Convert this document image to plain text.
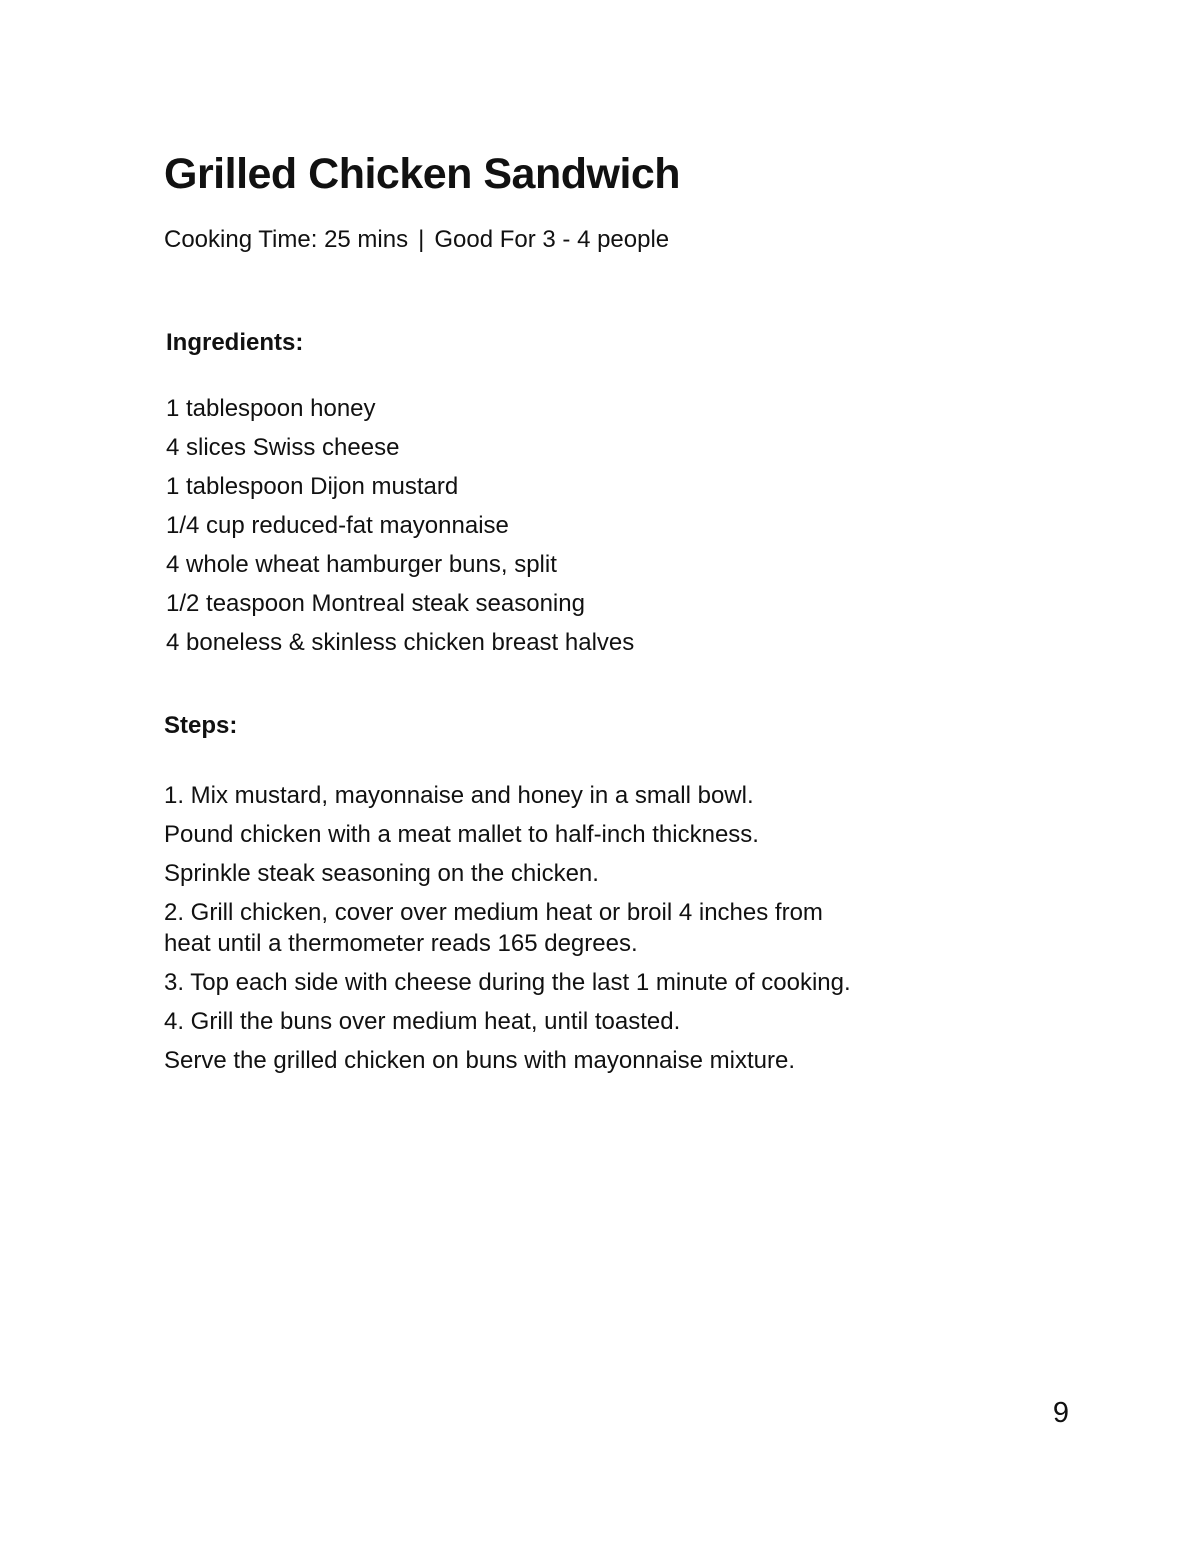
Grilled Chicken Sandwich
Cooking Time: 25 mins | Good For 3 - 4 people
Ingredients:
1 tablespoon honey
4 slices Swiss cheese
1 tablespoon Dijon mustard
1/4 cup reduced-fat mayonnaise
4 whole wheat hamburger buns, split
1/2 teaspoon Montreal steak seasoning
4 boneless & skinless chicken breast halves
Steps:
1. Mix mustard, mayonnaise and honey in a small bowl.
Pound chicken with a meat mallet to half-inch thickness.
Sprinkle steak seasoning on the chicken.
2. Grill chicken, cover over medium heat or broil 4 inches from heat until a thermometer reads 165 degrees.
3. Top each side with cheese during the last 1 minute of cooking.
4. Grill the buns over medium heat, until toasted.
Serve the grilled chicken on buns with mayonnaise mixture.
9
